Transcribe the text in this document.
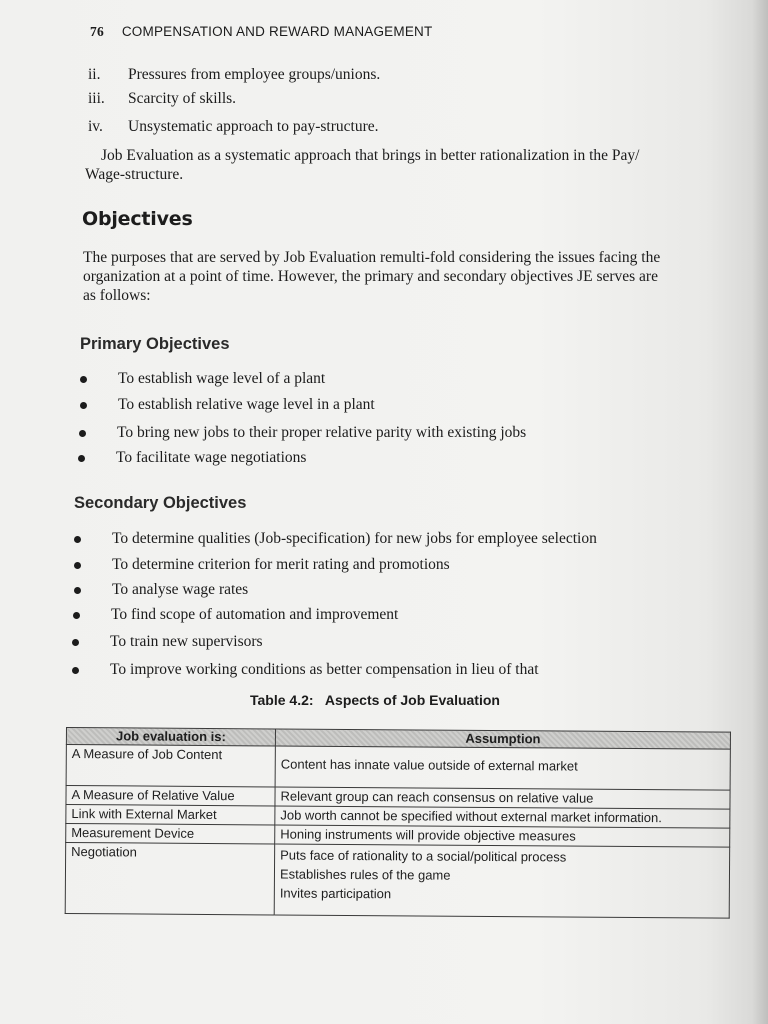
76 COMPENSATION AND REWARD MANAGEMENT
ii.	Pressures from employee groups/unions.
iii.	Scarcity of skills.
iv.	Unsystematic approach to pay-structure.
Job Evaluation as a systematic approach that brings in better rationalization in the Pay/
Wage-structure.
Objectives
The purposes that are served by Job Evaluation remulti-fold considering the issues facing the
organization at a point of time. However, the primary and secondary objectives JE serves are
as follows:
Primary Objectives
To establish wage level of a plant
To establish relative wage level in a plant
To bring new jobs to their proper relative parity with existing jobs
To facilitate wage negotiations
Secondary Objectives
To determine qualities (Job-specification) for new jobs for employee selection
To determine criterion for merit rating and promotions
To analyse wage rates
To find scope of automation and improvement
To train new supervisors
To improve working conditions as better compensation in lieu of that
Table 4.2: Aspects of Job Evaluation
Job evaluation is:	Assumption
A Measure of Job Content	Content has innate value outside of external market

A Measure of Relative Value	Relevant group can reach consensus on relative value

Link with External Market	Job worth cannot be specified without external market information.

Measurement Device	Honing instruments will provide objective measures

Negotiation	Puts face of rationality to a social/political process
Establishes rules of the game
Invites participation
